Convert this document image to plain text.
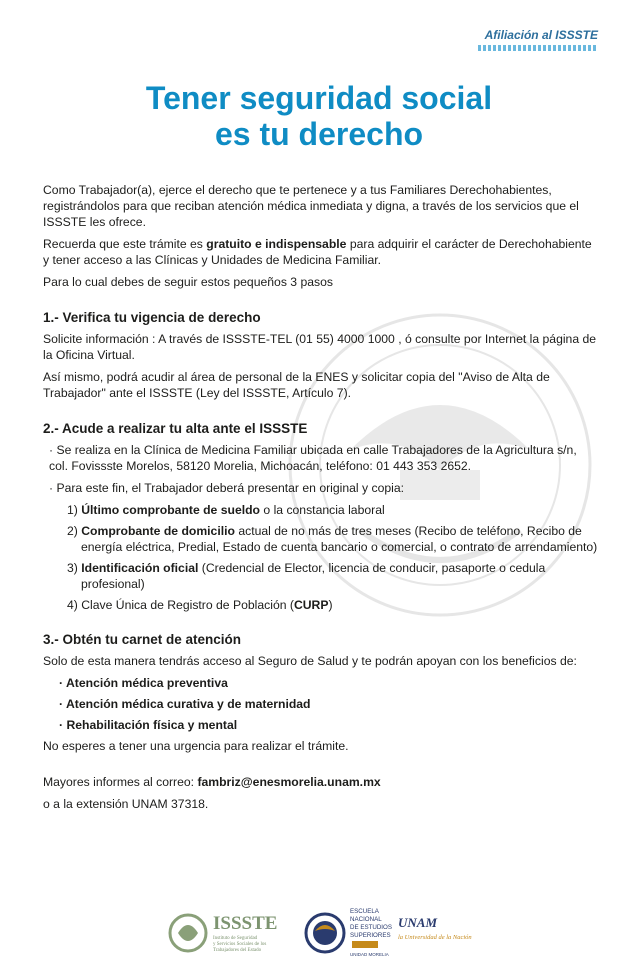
Afiliación al ISSSTE
Tener seguridad social
es tu derecho

Como Trabajador(a), ejerce el derecho que te pertenece y a tus Familiares Derechohabientes, registrándolos para que reciban atención médica inmediata y digna, a través de los servicios que el ISSSTE les ofrece.

Recuerda que este trámite es gratuito e indispensable para adquirir el carácter de Derechohabiente y tener acceso a las Clínicas y Unidades de Medicina Familiar.

Para lo cual debes de seguir estos pequeños 3 pasos

1.- Verifica tu vigencia de derecho

Solicite información : A través de ISSSTE-TEL (01 55) 4000 1000 , ó consulte por Internet la página de la Oficina Virtual.

Así mismo, podrá acudir al área de personal de la ENES y solicitar copia del "Aviso de Alta de Trabajador" ante el ISSSTE (Ley del ISSSTE, Artículo 7).

2.- Acude a realizar tu alta ante el ISSSTE

· Se realiza en la Clínica de Medicina Familiar ubicada en calle Trabajadores de la Agricultura s/n, col. Fovissste Morelos, 58120 Morelia, Michoacán, teléfono: 01 443 353 2652.

· Para este fin, el Trabajador deberá presentar en original y copia:

1) Último comprobante de sueldo o la constancia laboral

2) Comprobante de domicilio actual de no más de tres meses (Recibo de teléfono, Recibo de energía eléctrica, Predial, Estado de cuenta bancario o comercial, o contrato de arrendamiento)

3) Identificación oficial (Credencial de Elector, licencia de conducir, pasaporte o cedula profesional)

4) Clave Única de Registro de Población (CURP)

3.- Obtén tu carnet de atención

Solo de esta manera tendrás acceso al Seguro de Salud y te podrán apoyan con los beneficios de:

· Atención médica preventiva

· Atención médica curativa y de maternidad

· Rehabilitación física y mental

No esperes a tener una urgencia para realizar el trámite.

Mayores informes al correo: fambriz@enesmorelia.unam.mx

o a la extensión UNAM 37318.

ISSSTE
Instituto de Seguridad
y Servicios Sociales de los
Trabajadores del Estado
ESCUELA
NACIONAL
DE ESTUDIOS
SUPERIORES
UNIDAD MORELIA
UNAM
la Universidad de la Nación
